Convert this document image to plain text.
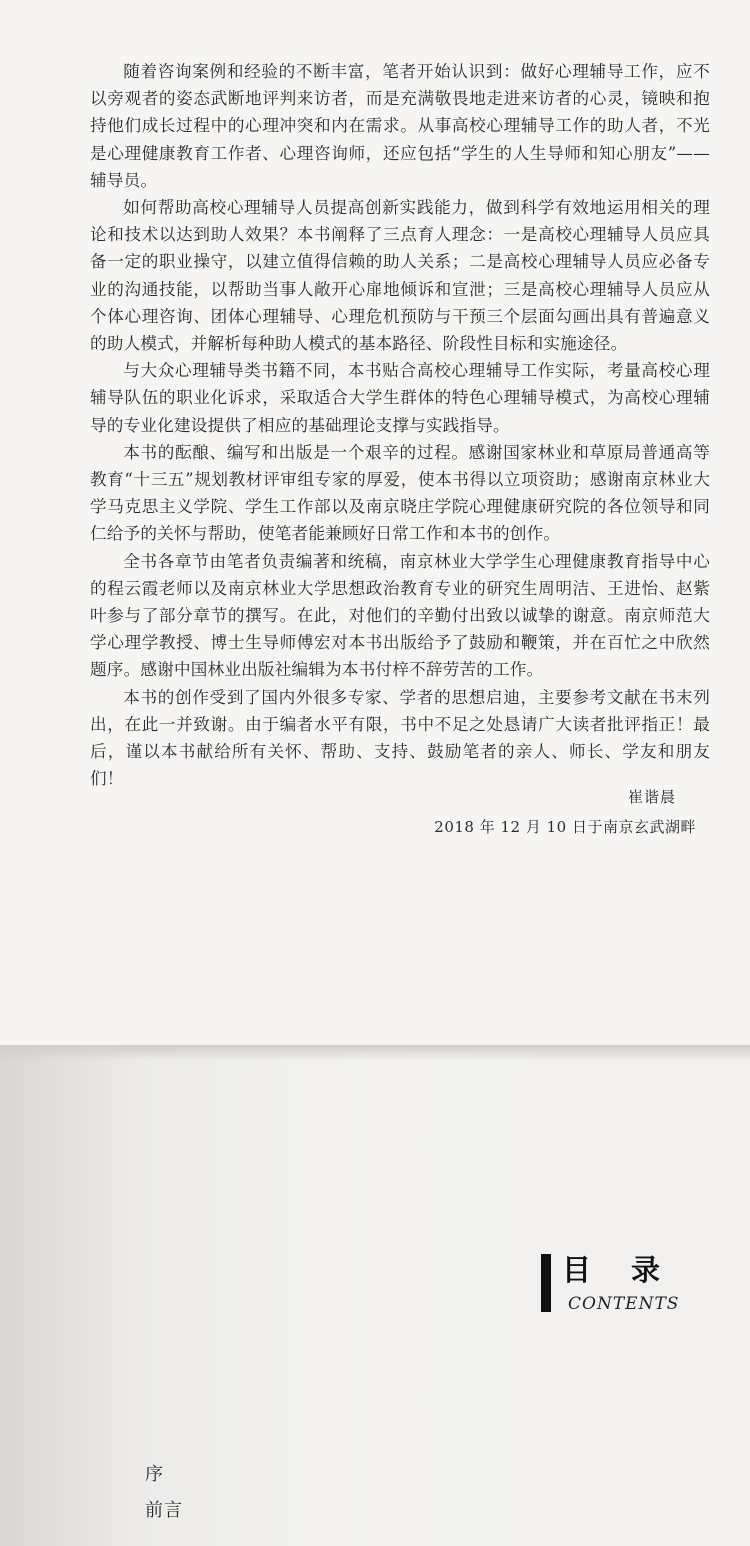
随着咨询案例和经验的不断丰富，笔者开始认识到：做好心理辅导工作，应不以旁观者的姿态武断地评判来访者，而是充满敬畏地走进来访者的心灵，镜映和抱持他们成长过程中的心理冲突和内在需求。从事高校心理辅导工作的助人者，不光是心理健康教育工作者、心理咨询师，还应包括“学生的人生导师和知心朋友”——辅导员。

如何帮助高校心理辅导人员提高创新实践能力，做到科学有效地运用相关的理论和技术以达到助人效果？本书阐释了三点育人理念：一是高校心理辅导人员应具备一定的职业操守，以建立值得信赖的助人关系；二是高校心理辅导人员应必备专业的沟通技能，以帮助当事人敞开心扉地倾诉和宣泄；三是高校心理辅导人员应从个体心理咨询、团体心理辅导、心理危机预防与干预三个层面勾画出具有普遍意义的助人模式，并解析每种助人模式的基本路径、阶段性目标和实施途径。

与大众心理辅导类书籍不同，本书贴合高校心理辅导工作实际，考量高校心理辅导队伍的职业化诉求，采取适合大学生群体的特色心理辅导模式，为高校心理辅导的专业化建设提供了相应的基础理论支撑与实践指导。

本书的酝酿、编写和出版是一个艰辛的过程。感谢国家林业和草原局普通高等教育“十三五”规划教材评审组专家的厚爱，使本书得以立项资助；感谢南京林业大学马克思主义学院、学生工作部以及南京晓庄学院心理健康研究院的各位领导和同仁给予的关怀与帮助，使笔者能兼顾好日常工作和本书的创作。

全书各章节由笔者负责编著和统稿，南京林业大学学生心理健康教育指导中心的程云霞老师以及南京林业大学思想政治教育专业的研究生周明洁、王进怡、赵紫叶参与了部分章节的撰写。在此，对他们的辛勤付出致以诚挚的谢意。南京师范大学心理学教授、博士生导师傅宏对本书出版给予了鼓励和鞭策，并在百忙之中欣然题序。感谢中国林业出版社编辑为本书付梓不辞劳苦的工作。

本书的创作受到了国内外很多专家、学者的思想启迪，主要参考文献在书末列出，在此一并致谢。由于编者水平有限，书中不足之处恳请广大读者批评指正！最后，谨以本书献给所有关怀、帮助、支持、鼓励笔者的亲人、师长、学友和朋友们！

崔谐晨
2018 年 12 月 10 日于南京玄武湖畔
目录
CONTENTS
序
前言
